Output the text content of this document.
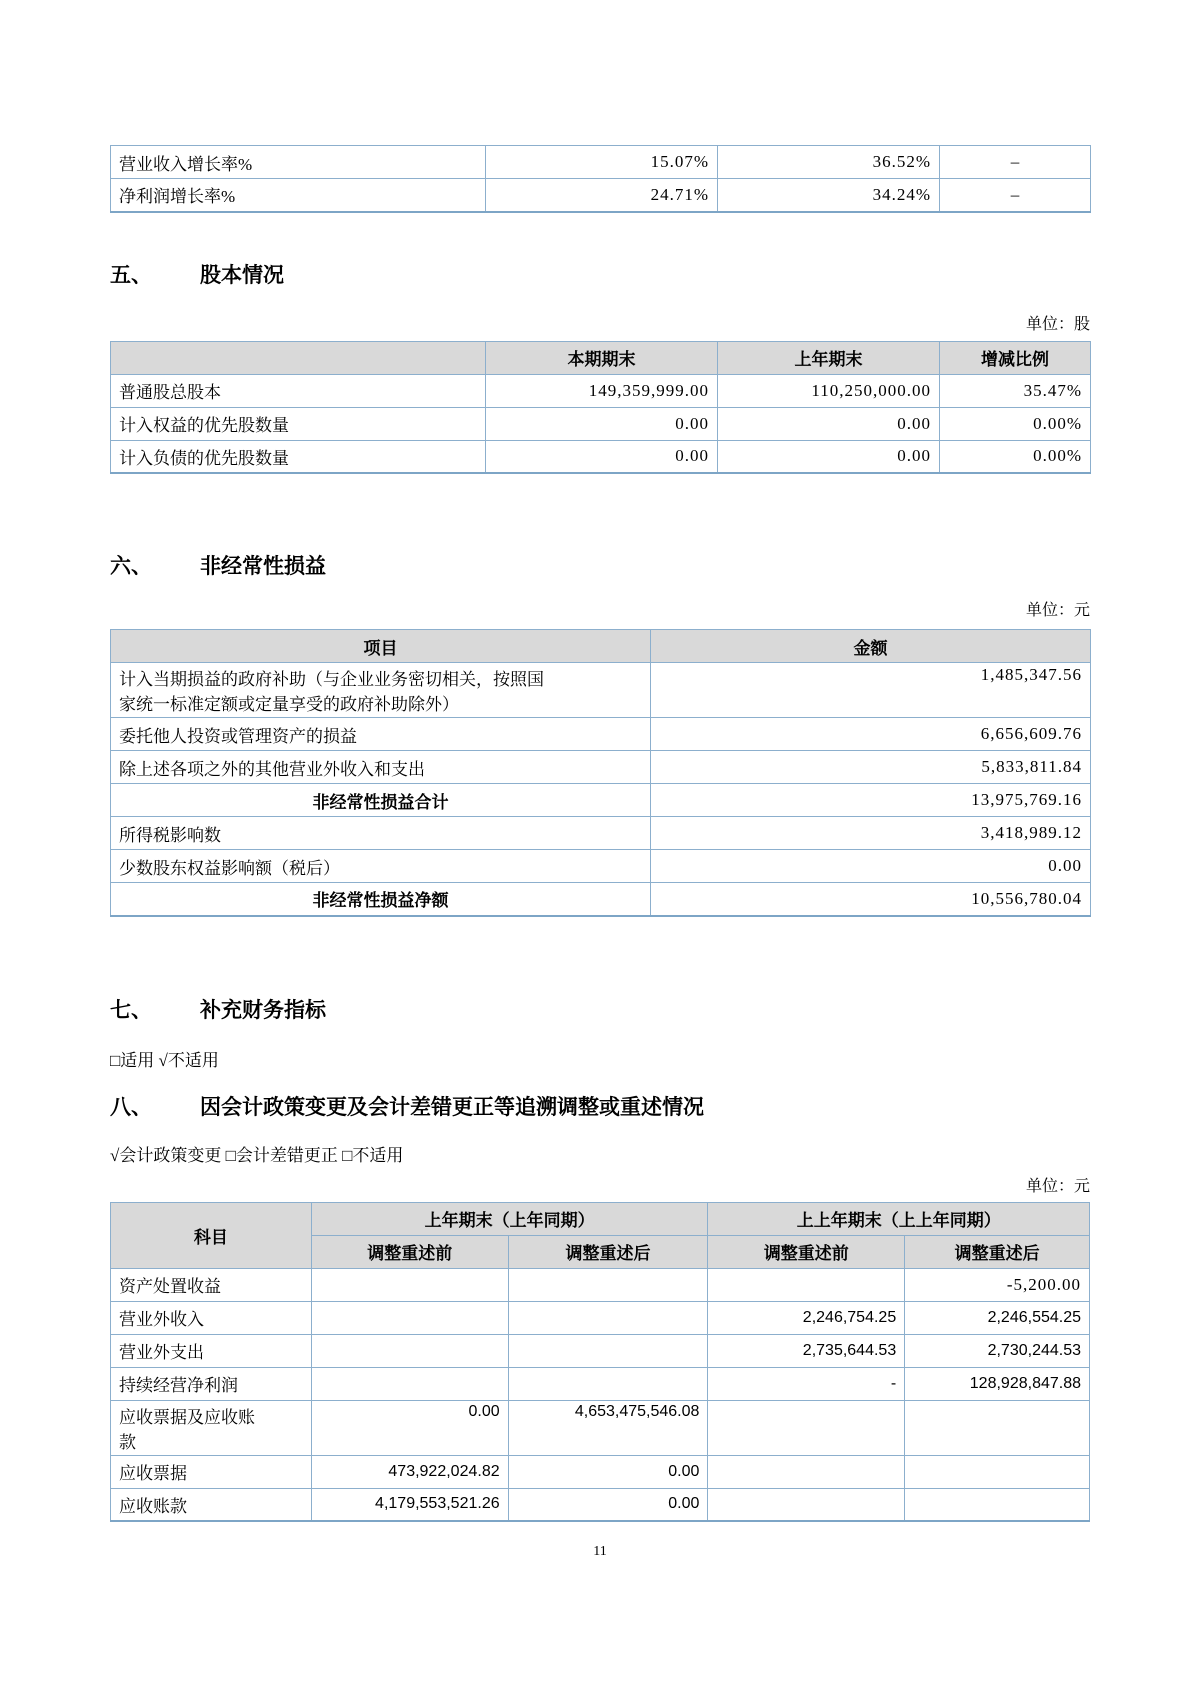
营业收入增长率%	15.07%	36.52%	–
净利润增长率%	24.71%	34.24%	–
五、 股本情况
单位：股
	本期期末	上年期末	增减比例
普通股总股本	149,359,999.00	110,250,000.00	35.47%
计入权益的优先股数量	0.00	0.00	0.00%
计入负债的优先股数量	0.00	0.00	0.00%
六、 非经常性损益
单位：元
项目	金额
计入当期损益的政府补助（与企业业务密切相关，按照国家统一标准定额或定量享受的政府补助除外）	1,485,347.56
委托他人投资或管理资产的损益	6,656,609.76
除上述各项之外的其他营业外收入和支出	5,833,811.84
非经常性损益合计	13,975,769.16
所得税影响数	3,418,989.12
少数股东权益影响额（税后）	0.00
非经常性损益净额	10,556,780.04
七、 补充财务指标
□适用 √不适用
八、 因会计政策变更及会计差错更正等追溯调整或重述情况
√会计政策变更 □会计差错更正 □不适用
单位：元
科目	上年期末（上年同期）		上上年期末（上上年同期）	
	调整重述前	调整重述后	调整重述前	调整重述后
资产处置收益				-5,200.00
营业外收入			2,246,754.25	2,246,554.25
营业外支出			2,735,644.53	2,730,244.53
持续经营净利润			-	128,928,847.88
应收票据及应收账款	0.00	4,653,475,546.08		
应收票据	473,922,024.82	0.00		
应收账款	4,179,553,521.26	0.00		
11
